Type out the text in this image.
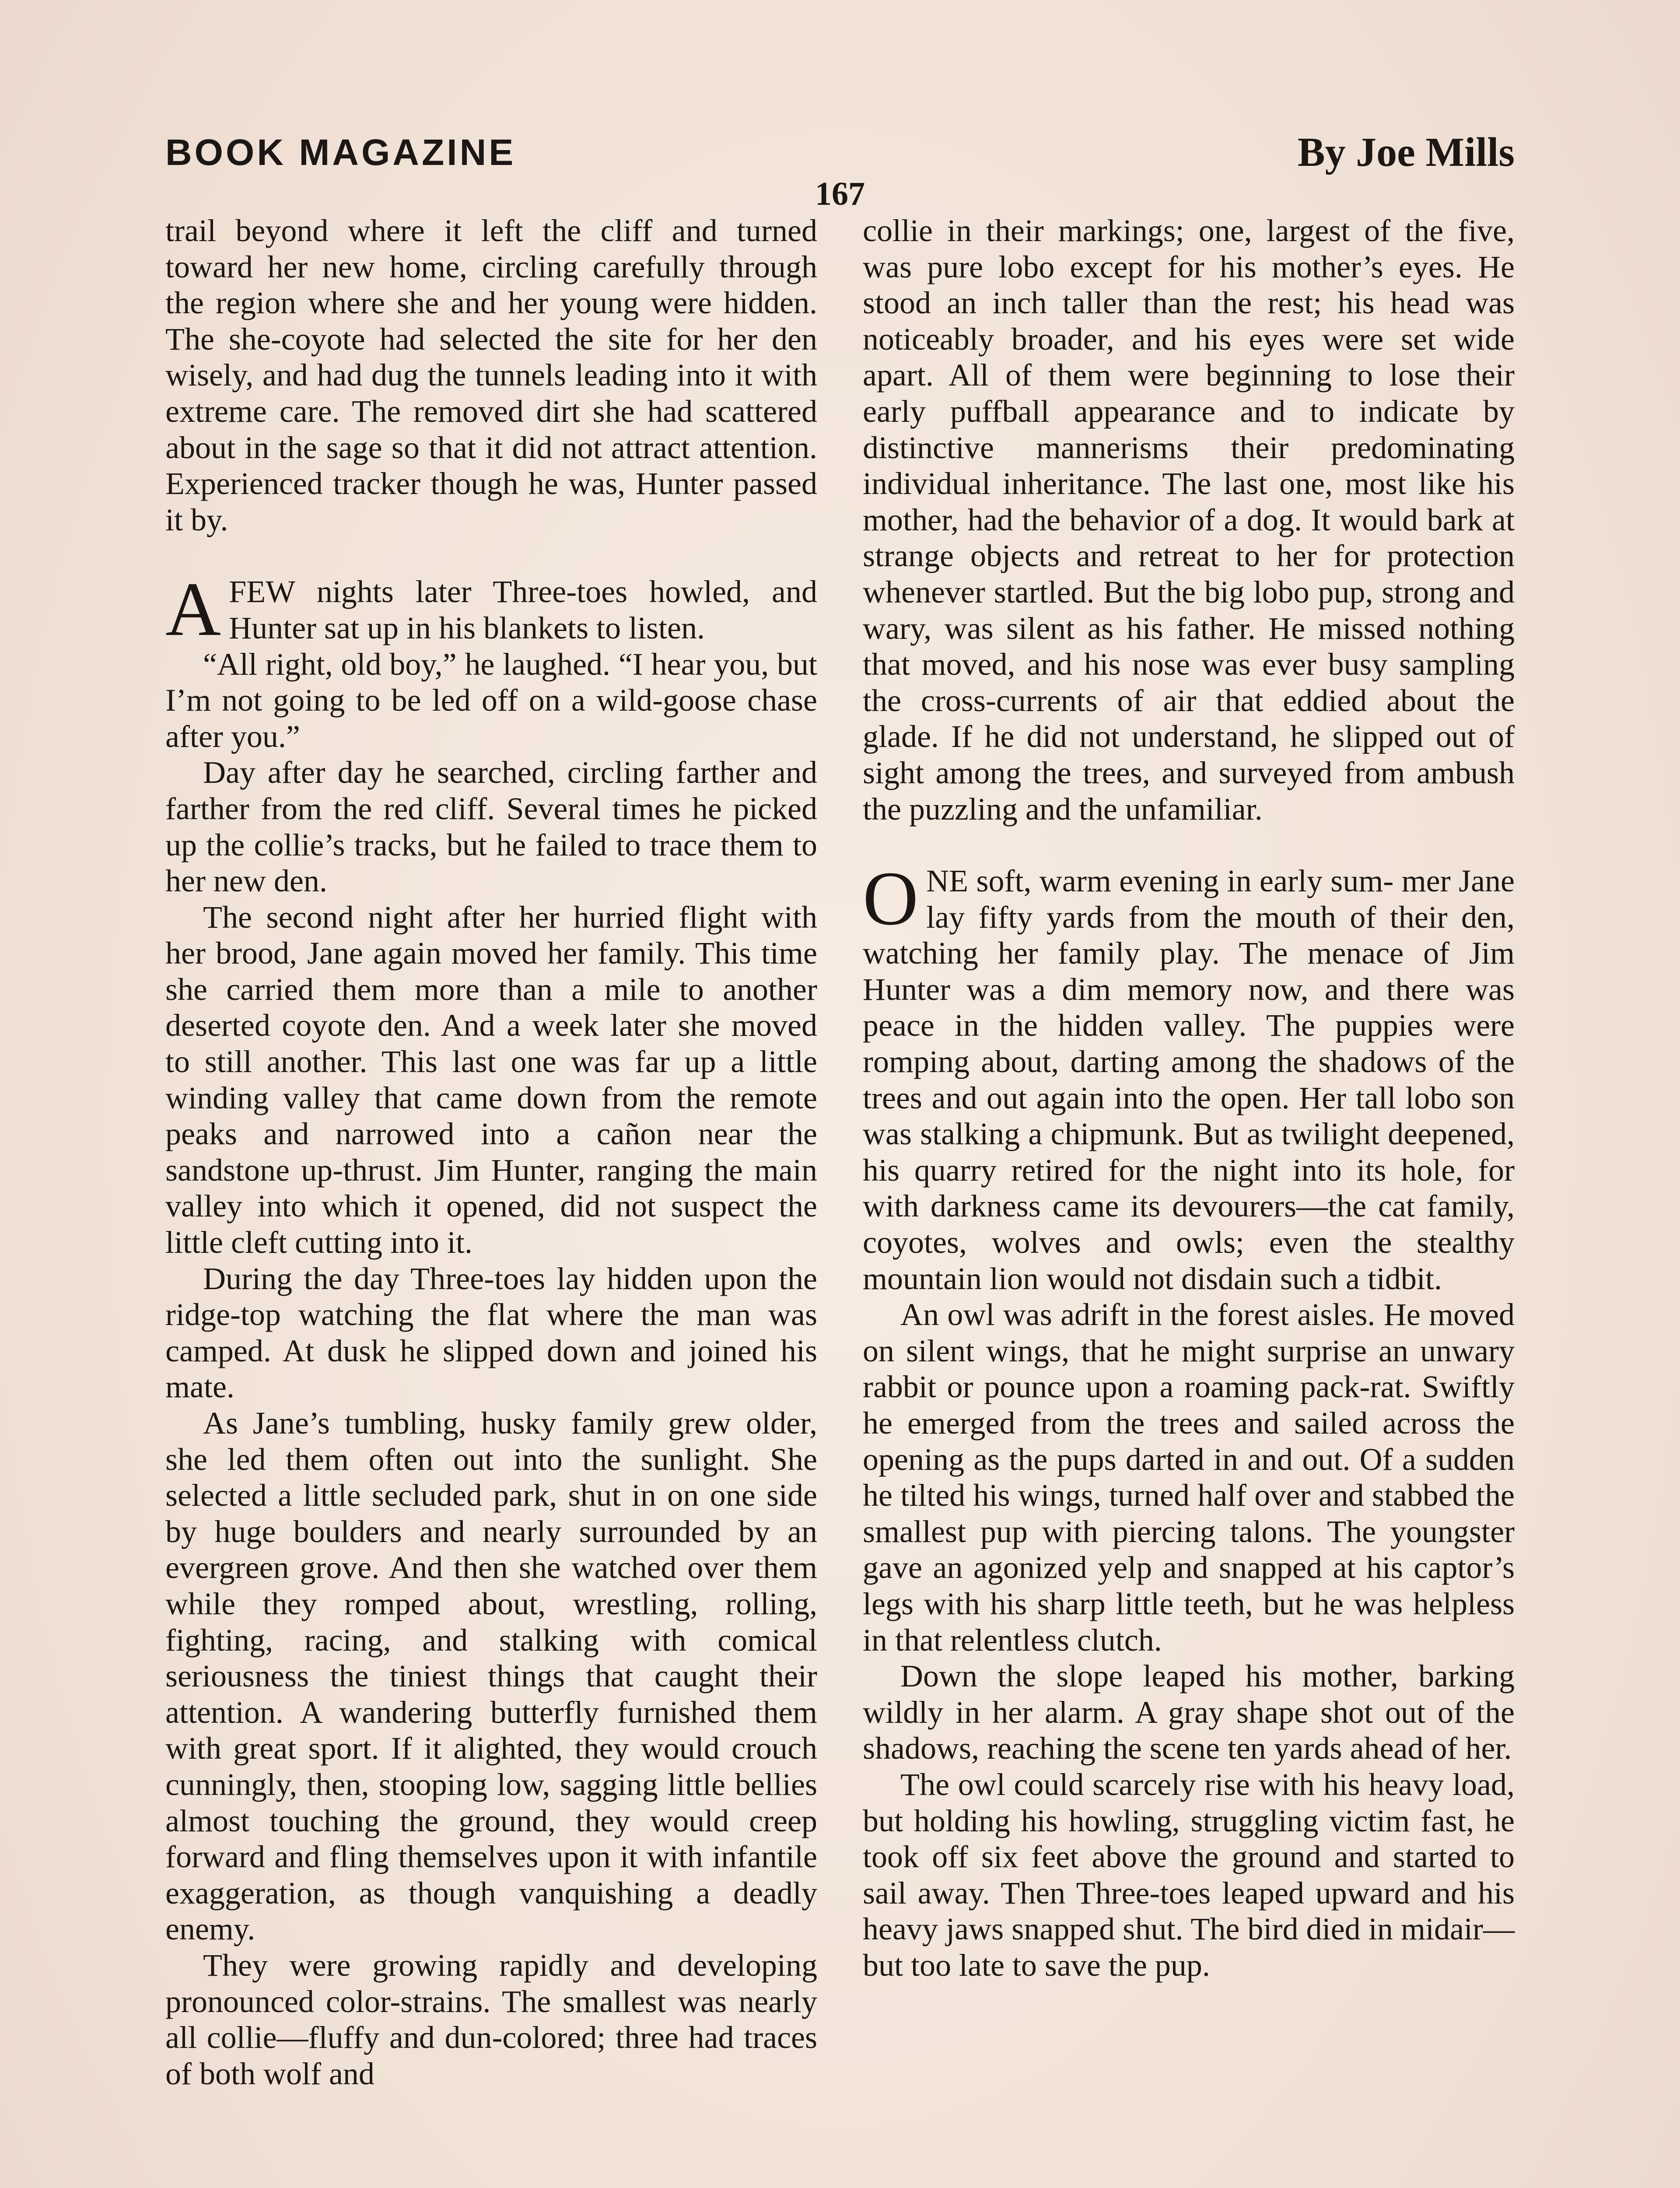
BOOK MAGAZINE	By Joe Mills
167

trail beyond where it left the cliff and turned toward her new home, circling carefully through the region where she and her young were hidden. The she-coyote had selected the site for her den wisely, and had dug the tunnels leading into it with extreme care. The removed dirt she had scattered about in the sage so that it did not attract attention. Experienced tracker though he was, Hunter passed it by.

AFEW nights later Three-toes howled, and Hunter sat up in his blankets to listen.

“All right, old boy,” he laughed. “I hear you, but I’m not going to be led off on a wild-goose chase after you.”

Day after day he searched, circling farther and farther from the red cliff. Several times he picked up the collie’s tracks, but he failed to trace them to her new den.

The second night after her hurried flight with her brood, Jane again moved her family. This time she carried them more than a mile to another deserted coyote den. And a week later she moved to still another. This last one was far up a little winding valley that came down from the remote peaks and narrowed into a cañon near the sandstone up-thrust. Jim Hunter, ranging the main valley into which it opened, did not suspect the little cleft cutting into it.

During the day Three-toes lay hidden upon the ridge-top watching the flat where the man was camped. At dusk he slipped down and joined his mate.

As Jane’s tumbling, husky family grew older, she led them often out into the sunlight. She selected a little secluded park, shut in on one side by huge boulders and nearly surrounded by an evergreen grove. And then she watched over them while they romped about, wrestling, rolling, fighting, racing, and stalking with comical seriousness the tiniest things that caught their attention. A wandering butterfly furnished them with great sport. If it alighted, they would crouch cunningly, then, stooping low, sagging little bellies almost touching the ground, they would creep forward and fling themselves upon it with infantile exaggeration, as though vanquishing a deadly enemy.

They were growing rapidly and developing pronounced color-strains. The smallest was nearly all collie—fluffy and dun-colored; three had traces of both wolf and

collie in their markings; one, largest of the five, was pure lobo except for his mother’s eyes. He stood an inch taller than the rest; his head was noticeably broader, and his eyes were set wide apart. All of them were beginning to lose their early puffball appearance and to indicate by distinctive mannerisms their predominating individual inheritance. The last one, most like his mother, had the behavior of a dog. It would bark at strange objects and retreat to her for protection whenever startled. But the big lobo pup, strong and wary, was silent as his father. He missed nothing that moved, and his nose was ever busy sampling the cross-currents of air that eddied about the glade. If he did not understand, he slipped out of sight among the trees, and surveyed from ambush the puzzling and the unfamiliar.

ONE soft, warm evening in early sum- mer Jane lay fifty yards from the mouth of their den, watching her family play. The menace of Jim Hunter was a dim memory now, and there was peace in the hidden valley. The puppies were romping about, darting among the shadows of the trees and out again into the open. Her tall lobo son was stalking a chipmunk. But as twilight deepened, his quarry retired for the night into its hole, for with darkness came its devourers—the cat family, coyotes, wolves and owls; even the stealthy mountain lion would not disdain such a tidbit.

An owl was adrift in the forest aisles. He moved on silent wings, that he might surprise an unwary rabbit or pounce upon a roaming pack-rat. Swiftly he emerged from the trees and sailed across the opening as the pups darted in and out. Of a sudden he tilted his wings, turned half over and stabbed the smallest pup with piercing talons. The youngster gave an agonized yelp and snapped at his captor’s legs with his sharp little teeth, but he was helpless in that relentless clutch.

Down the slope leaped his mother, barking wildly in her alarm. A gray shape shot out of the shadows, reaching the scene ten yards ahead of her.

The owl could scarcely rise with his heavy load, but holding his howling, struggling victim fast, he took off six feet above the ground and started to sail away. Then Three-toes leaped upward and his heavy jaws snapped shut. The bird died in midair—but too late to save the pup.
